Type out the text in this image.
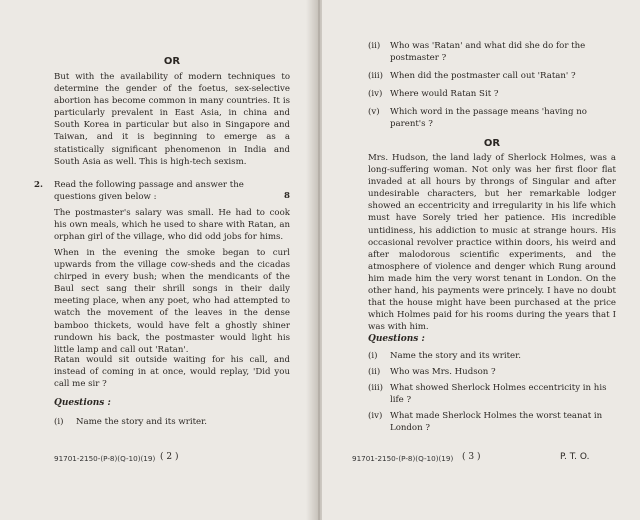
OR

But with the availability of modern techniques to determine the gender of the foetus, sex-selective abortion has become common in many countries. It is particularly prevalent in East Asia, in china and South Korea in particular but also in Singapore and Taiwan, and it is beginning to emerge as a statistically significant phenomenon in India and South Asia as well. This is high-tech sexism.

2. Read the following passage and answer the questions given below :	8

The postmaster's salary was small. He had to cook his own meals, which he used to share with Ratan, an orphan girl of the village, who did odd jobs for hims.

When in the evening the smoke began to curl upwards from the village cow-sheds and the cicadas chirped in every bush; when the mendicants of the Baul sect sang their shrill songs in their daily meeting place, when any poet, who had attempted to watch the movement of the leaves in the dense bamboo thickets, would have felt a ghostly shiner rundown his back, the postmaster would light his little lamp and call out 'Ratan'.

Ratan would sit outside waiting for his call, and instead of coming in at once, would replay, 'Did you call me sir ?

Questions :
(i)	Name the story and its writer.
91701-2150-(P-8)(Q-10)(19) ( 2 )
(ii)	Who was 'Ratan' and what did she do for the postmaster ?
(iii) When did the postmaster call out 'Ratan' ?
(iv) Where would Ratan Sit ?
(v)	Which word in the passage means 'having no parent's ?
OR

Mrs. Hudson, the land lady of Sherlock Holmes, was a long-suffering woman. Not only was her first floor flat invaded at all hours by throngs of Singular and after undesirable characters, but her remarkable lodger showed an eccentricity and irregularity in his life which must have Sorely tried her patience. His incredible untidiness, his addiction to music at strange hours. His occasional revolver practice within doors, his weird and after malodorous scientific experiments, and the atmosphere of violence and denger which Rung around him made him the very worst tenant in London. On the other hand, his payments were princely. I have no doubt that the house might have been purchased at the price which Holmes paid for his rooms during the years that I was with him.

Questions :
(i)	Name the story and its writer.
(ii)	Who was Mrs. Hudson ?
(iii) What showed Sherlock Holmes eccentricity in his life ?
(iv) What made Sherlock Holmes the worst teanat in London ?
91701-2150-(P-8)(Q-10)(19) ( 3 )	P. T. O.
